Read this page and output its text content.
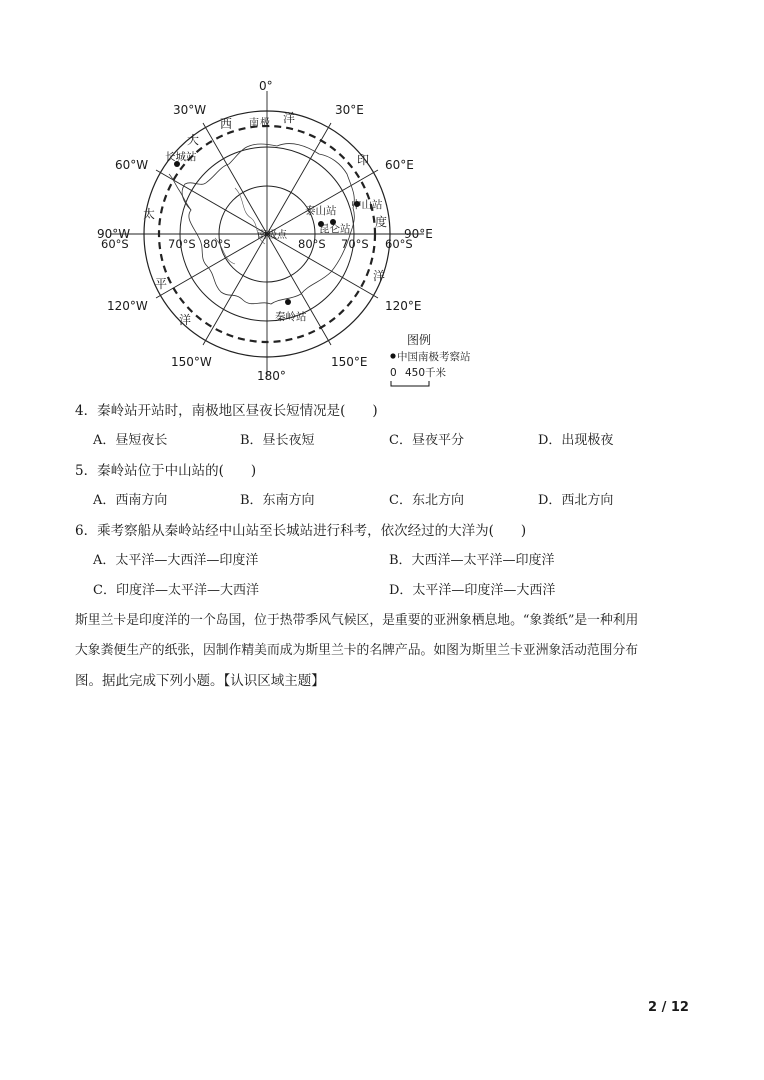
0°
30°W	30°E
60°W	60°E
90°W	90°E
120°W	120°E
150°W	150°E
180°
60°S	70°S 80°S	80°S 70°S 60°S
西 南 极 洋
大
印
太
度
洋
平
洋
长城站
泰山站 中山站
昆仑站
秦岭站
南极点
图例
中国南极考察站
0 450千米
4．秦岭站开站时，南极地区昼夜长短情况是(　　)
A．昼短夜长	B．昼长夜短	C．昼夜平分	D．出现极夜
5．秦岭站位于中山站的(　　)
A．西南方向	B．东南方向	C．东北方向	D．西北方向
6．乘考察船从秦岭站经中山站至长城站进行科考，依次经过的大洋为(　　)
A．太平洋—大西洋—印度洋	B．大西洋—太平洋—印度洋
C．印度洋—太平洋—大西洋	D．太平洋—印度洋—大西洋
斯里兰卡是印度洋的一个岛国，位于热带季风气候区，是重要的亚洲象栖息地。“象粪纸”是一种利用
大象粪便生产的纸张，因制作精美而成为斯里兰卡的名牌产品。如图为斯里兰卡亚洲象活动范围分布
图。据此完成下列小题。【认识区域主题】
2 / 12
